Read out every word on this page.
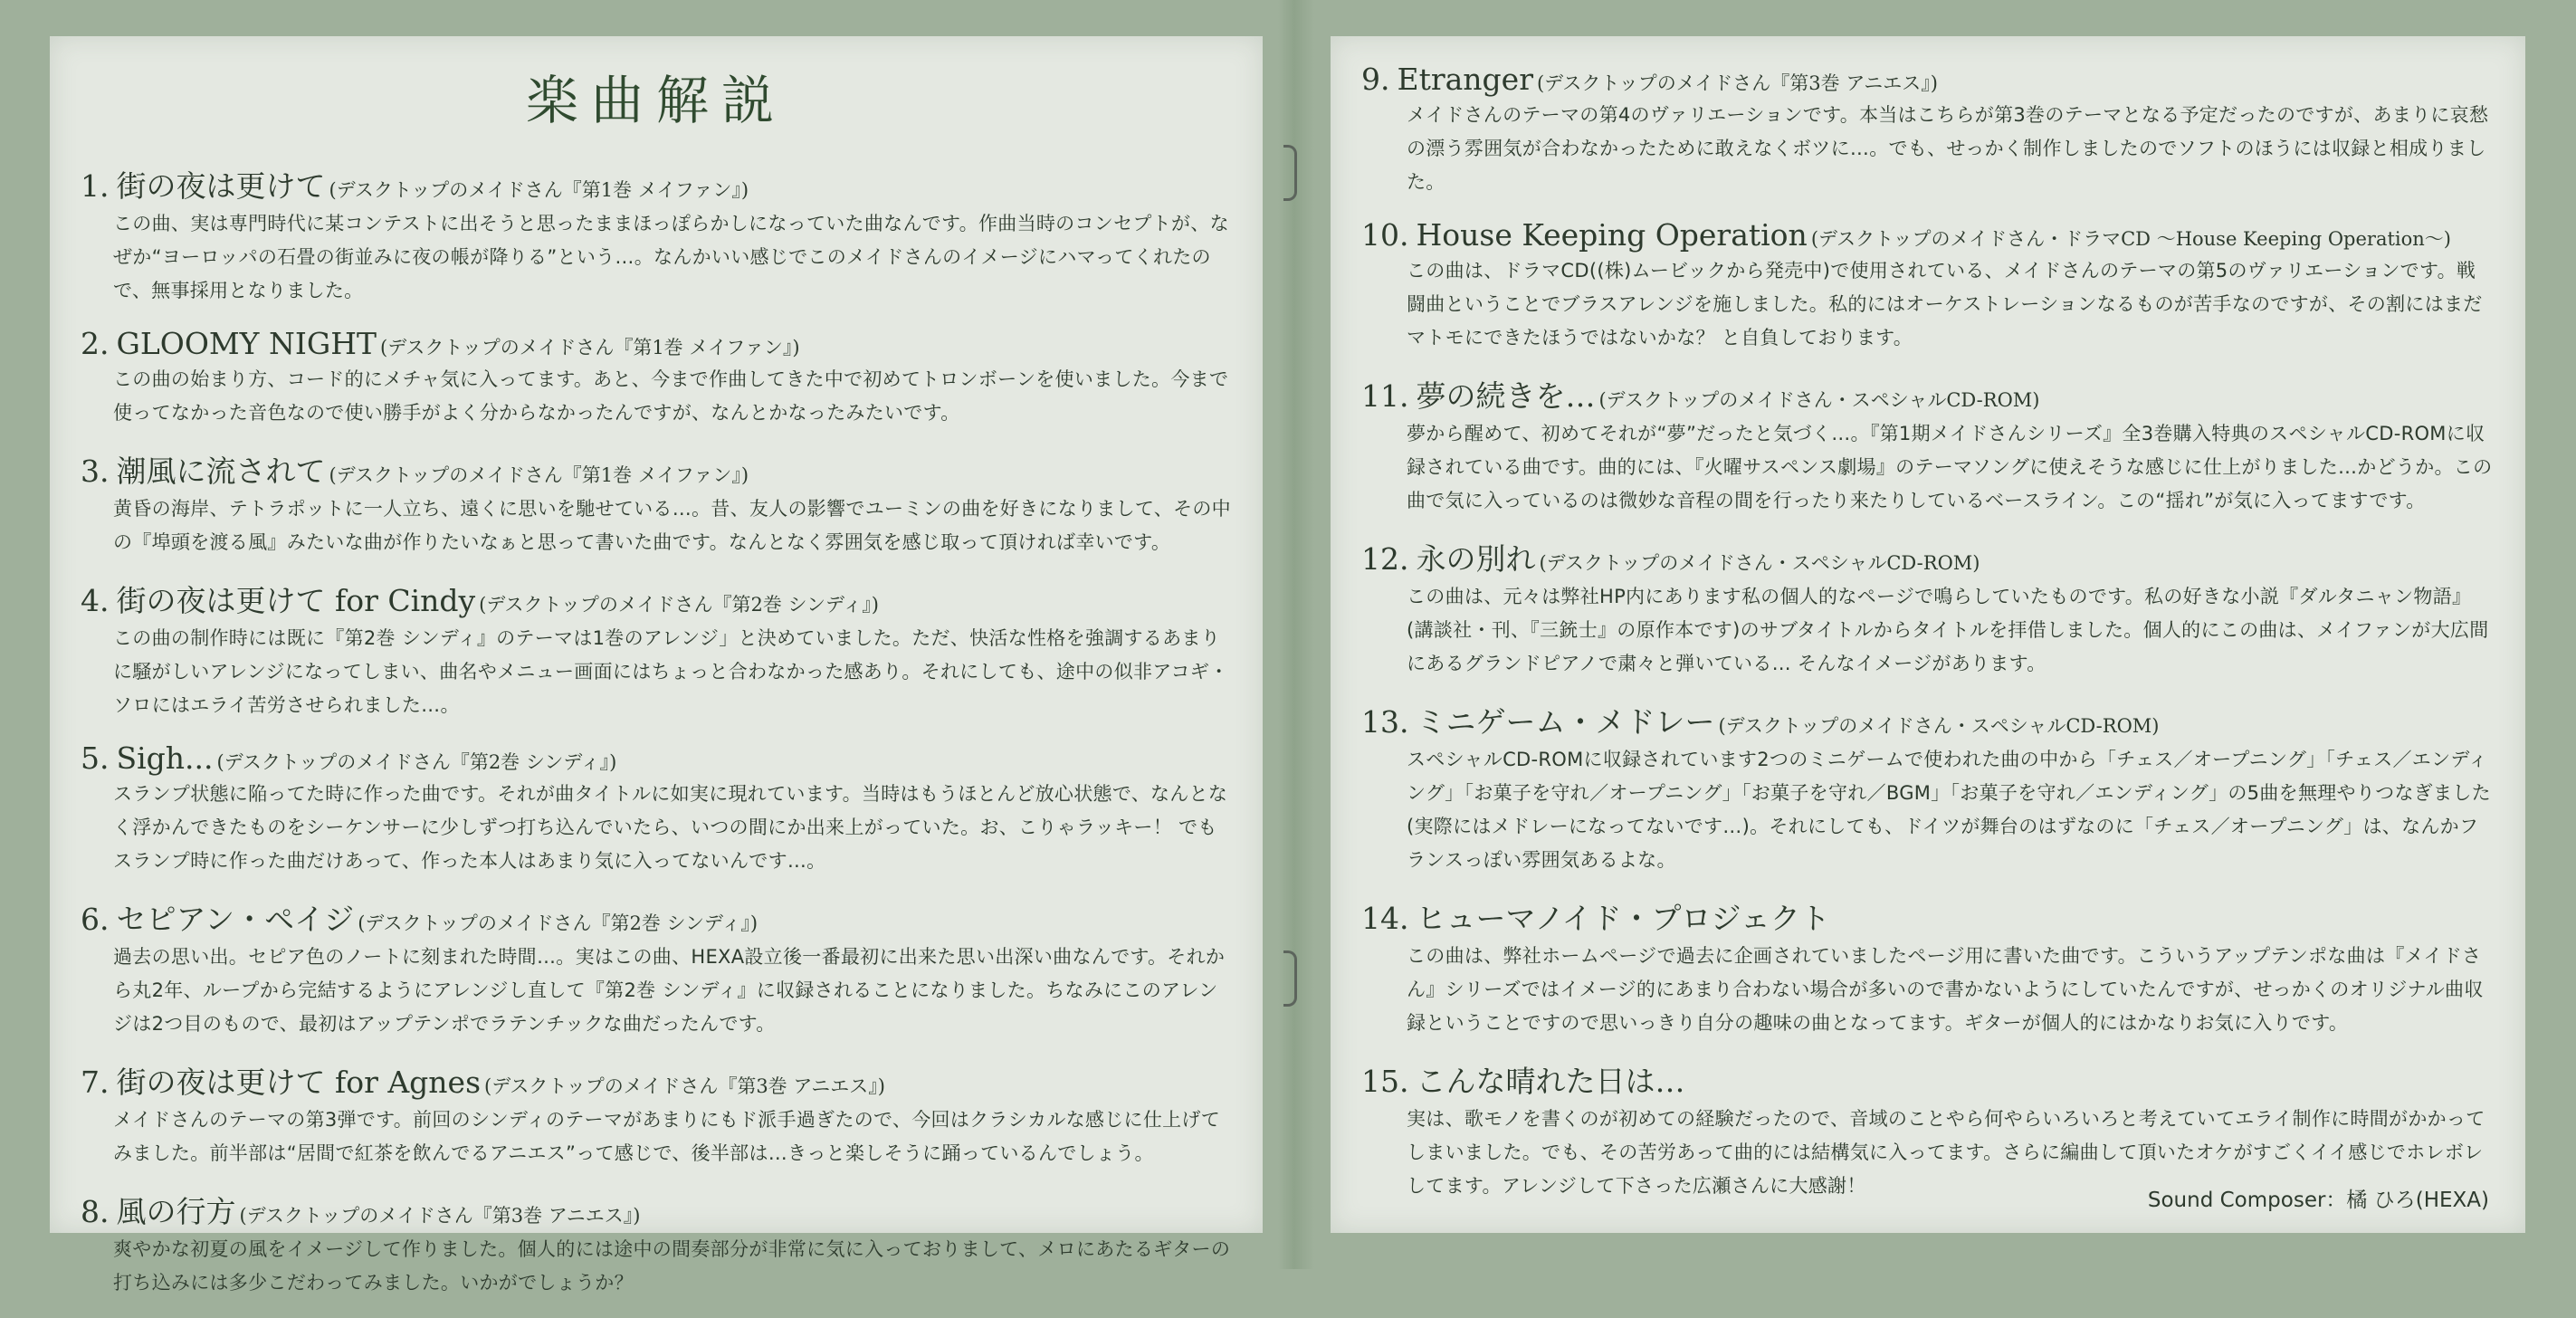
楽曲解説
1. 街の夜は更けて (デスクトップのメイドさん『第1巻 メイファン』)
この曲、実は専門時代に某コンテストに出そうと思ったままほっぽらかしになっていた曲なんです。作曲当時のコンセプトが、なぜか“ヨーロッパの石畳の街並みに夜の帳が降りる”という…。なんかいい感じでこのメイドさんのイメージにハマってくれたので、無事採用となりました。
2. GLOOMY NIGHT (デスクトップのメイドさん『第1巻 メイファン』)
この曲の始まり方、コード的にメチャ気に入ってます。あと、今まで作曲してきた中で初めてトロンボーンを使いました。今まで使ってなかった音色なので使い勝手がよく分からなかったんですが、なんとかなったみたいです。
3. 潮風に流されて (デスクトップのメイドさん『第1巻 メイファン』)
黄昏の海岸、テトラポットに一人立ち、遠くに思いを馳せている…。昔、友人の影響でユーミンの曲を好きになりまして、その中の『埠頭を渡る風』みたいな曲が作りたいなぁと思って書いた曲です。なんとなく雰囲気を感じ取って頂ければ幸いです。
4. 街の夜は更けて for Cindy (デスクトップのメイドさん『第2巻 シンディ』)
この曲の制作時には既に『第2巻 シンディ』のテーマは1巻のアレンジ」と決めていました。ただ、快活な性格を強調するあまりに騒がしいアレンジになってしまい、曲名やメニュー画面にはちょっと合わなかった感あり。それにしても、途中の似非アコギ・ソロにはエライ苦労させられました…。
5. Sigh... (デスクトップのメイドさん『第2巻 シンディ』)
スランプ状態に陥ってた時に作った曲です。それが曲タイトルに如実に現れています。当時はもうほとんど放心状態で、なんとなく浮かんできたものをシーケンサーに少しずつ打ち込んでいたら、いつの間にか出来上がっていた。お、こりゃラッキー！ でもスランプ時に作った曲だけあって、作った本人はあまり気に入ってないんです…。
6. セピアン・ペイジ (デスクトップのメイドさん『第2巻 シンディ』)
過去の思い出。セピア色のノートに刻まれた時間…。実はこの曲、HEXA設立後一番最初に出来た思い出深い曲なんです。それから丸2年、ループから完結するようにアレンジし直して『第2巻 シンディ』に収録されることになりました。ちなみにこのアレンジは2つ目のもので、最初はアップテンポでラテンチックな曲だったんです。
7. 街の夜は更けて for Agnes (デスクトップのメイドさん『第3巻 アニエス』)
メイドさんのテーマの第3弾です。前回のシンディのテーマがあまりにもド派手過ぎたので、今回はクラシカルな感じに仕上げてみました。前半部は“居間で紅茶を飲んでるアニエス”って感じで、後半部は…きっと楽しそうに踊っているんでしょう。
8. 風の行方 (デスクトップのメイドさん『第3巻 アニエス』)
爽やかな初夏の風をイメージして作りました。個人的には途中の間奏部分が非常に気に入っておりまして、メロにあたるギターの打ち込みには多少こだわってみました。いかがでしょうか？
9. Etranger (デスクトップのメイドさん『第3巻 アニエス』)
メイドさんのテーマの第4のヴァリエーションです。本当はこちらが第3巻のテーマとなる予定だったのですが、あまりに哀愁の漂う雰囲気が合わなかったために敢えなくボツに…。でも、せっかく制作しましたのでソフトのほうには収録と相成りました。
10. House Keeping Operation (デスクトップのメイドさん・ドラマCD ～House Keeping Operation～)
この曲は、ドラマCD((株)ムービックから発売中)で使用されている、メイドさんのテーマの第5のヴァリエーションです。戦闘曲ということでブラスアレンジを施しました。私的にはオーケストレーションなるものが苦手なのですが、その割にはまだマトモにできたほうではないかな？ と自負しております。
11. 夢の続きを… (デスクトップのメイドさん・スペシャルCD-ROM)
夢から醒めて、初めてそれが“夢”だったと気づく…。『第1期メイドさんシリーズ』全3巻購入特典のスペシャルCD-ROMに収録されている曲です。曲的には、『火曜サスペンス劇場』のテーマソングに使えそうな感じに仕上がりました…かどうか。この曲で気に入っているのは微妙な音程の間を行ったり来たりしているベースライン。この“揺れ”が気に入ってますです。
12. 永の別れ (デスクトップのメイドさん・スペシャルCD-ROM)
この曲は、元々は弊社HP内にあります私の個人的なページで鳴らしていたものです。私の好きな小説『ダルタニャン物語』(講談社・刊、『三銃士』の原作本です)のサブタイトルからタイトルを拝借しました。個人的にこの曲は、メイファンが大広間にあるグランドピアノで粛々と弾いている… そんなイメージがあります。
13. ミニゲーム・メドレー (デスクトップのメイドさん・スペシャルCD-ROM)
スペシャルCD-ROMに収録されています2つのミニゲームで使われた曲の中から「チェス／オープニング」「チェス／エンディング」「お菓子を守れ／オープニング」「お菓子を守れ／BGM」「お菓子を守れ／エンディング」の5曲を無理やりつなぎました(実際にはメドレーになってないです…)。それにしても、ドイツが舞台のはずなのに「チェス／オープニング」は、なんかフランスっぽい雰囲気あるよな。
14. ヒューマノイド・プロジェクト
この曲は、弊社ホームページで過去に企画されていましたページ用に書いた曲です。こういうアップテンポな曲は『メイドさん』シリーズではイメージ的にあまり合わない場合が多いので書かないようにしていたんですが、せっかくのオリジナル曲収録ということですので思いっきり自分の趣味の曲となってます。ギターが個人的にはかなりお気に入りです。
15. こんな晴れた日は…
実は、歌モノを書くのが初めての経験だったので、音域のことやら何やらいろいろと考えていてエライ制作に時間がかかってしまいました。でも、その苦労あって曲的には結構気に入ってます。さらに編曲して頂いたオケがすごくイイ感じでホレボレしてます。アレンジして下さった広瀬さんに大感謝！
Sound Composer：橘 ひろ(HEXA)
